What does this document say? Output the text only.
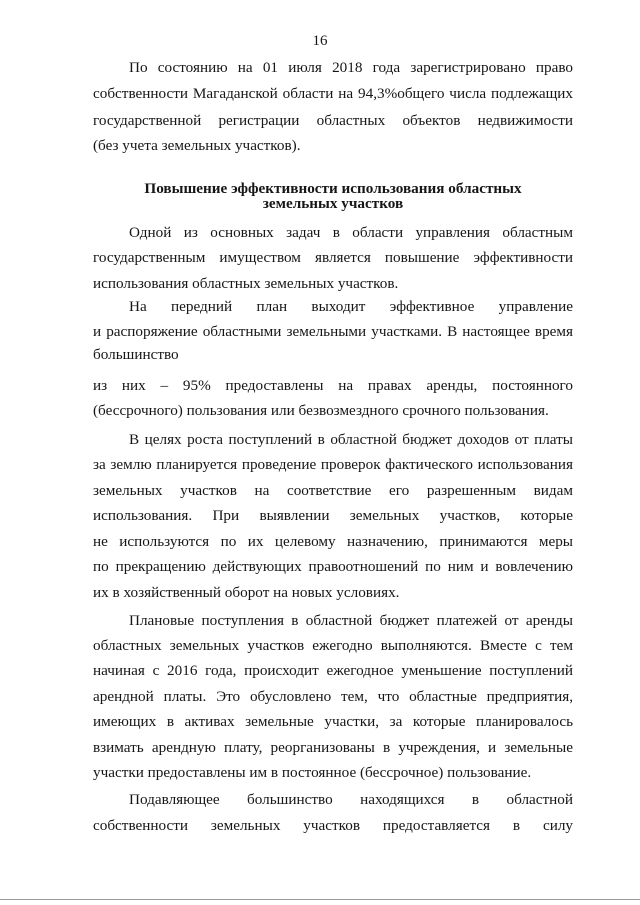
16
По состоянию на 01 июля 2018 года зарегистрировано право
собственности Магаданской области на 94,3%общего числа подлежащих
государственной регистрации областных объектов недвижимости
(без учета земельных участков).
Повышение эффективности использования областных
земельных участков
Одной из основных задач в области управления областным
государственным имуществом является повышение эффективности
использования областных земельных участков.
На передний план выходит эффективное управление
и распоряжение областными земельными участками. В настоящее время
большинство
из них – 95% предоставлены на правах аренды, постоянного
(бессрочного) пользования или безвозмездного срочного пользования.
В целях роста поступлений в областной бюджет доходов от платы
за землю планируется проведение проверок фактического использования
земельных участков на соответствие его разрешенным видам
использования. При выявлении земельных участков, которые
не используются по их целевому назначению, принимаются меры
по прекращению действующих правоотношений по ним и вовлечению
их в хозяйственный оборот на новых условиях.
Плановые поступления в областной бюджет платежей от аренды
областных земельных участков ежегодно выполняются. Вместе с тем
начиная с 2016 года, происходит ежегодное уменьшение поступлений
арендной платы. Это обусловлено тем, что областные предприятия,
имеющих в активах земельные участки, за которые планировалось
взимать арендную плату, реорганизованы в учреждения, и земельные
участки предоставлены им в постоянное (бессрочное) пользование.
Подавляющее большинство находящихся в областной
собственности земельных участков предоставляется в силу
